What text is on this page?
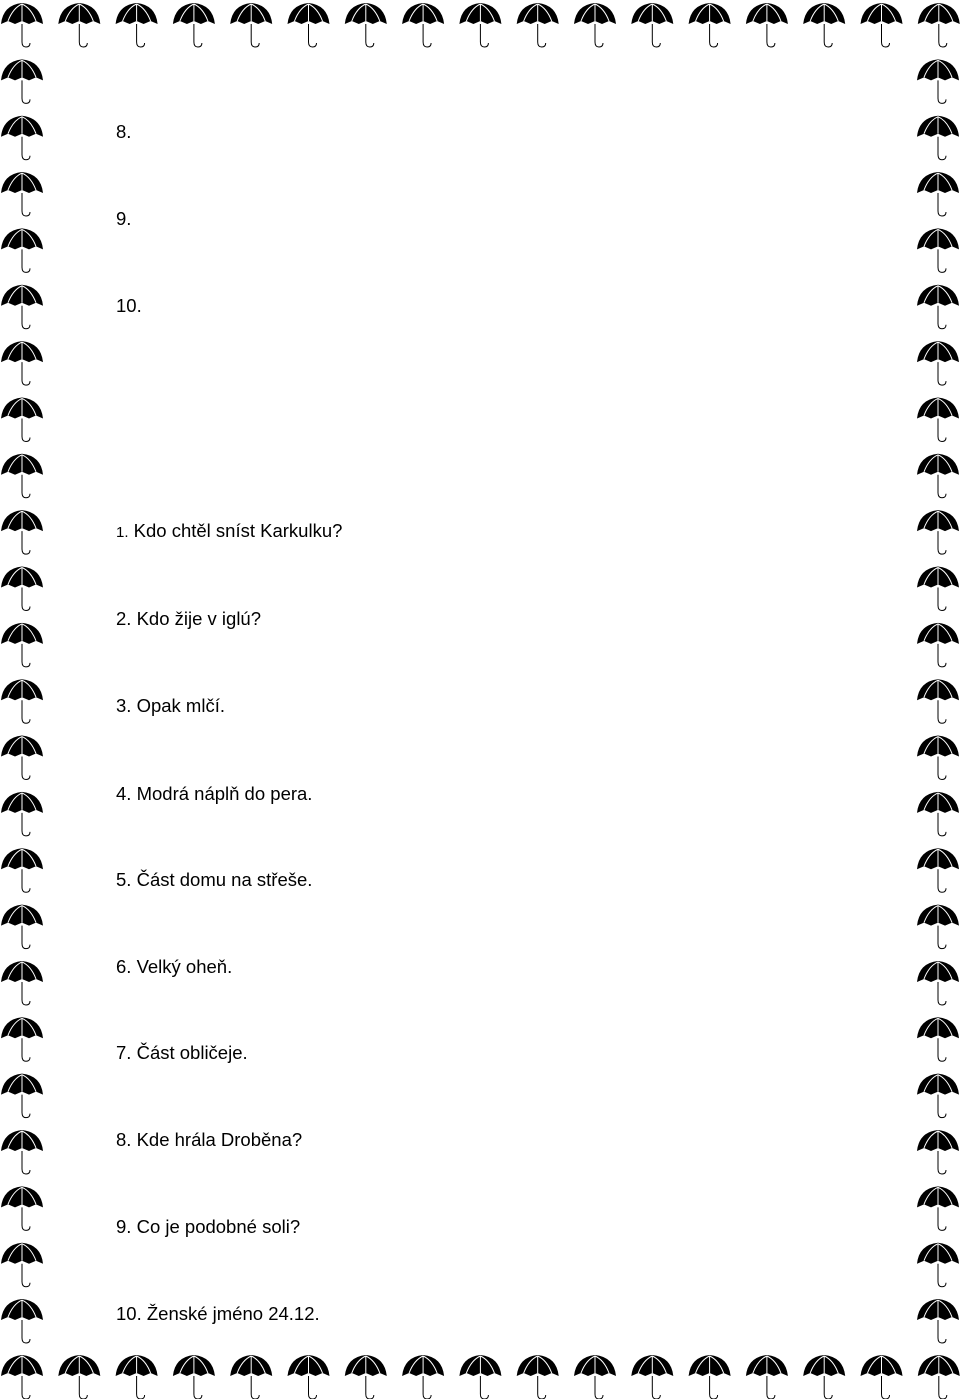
8.
9.
10.
1. Kdo chtěl sníst Karkulku?
2. Kdo žije v iglú?
3. Opak mlčí.
4. Modrá náplň do pera.
5. Část domu na střeše.
6. Velký oheň.
7. Část obličeje.
8. Kde hrála Droběna?
9. Co je podobné soli?
10. Ženské jméno 24.12.
